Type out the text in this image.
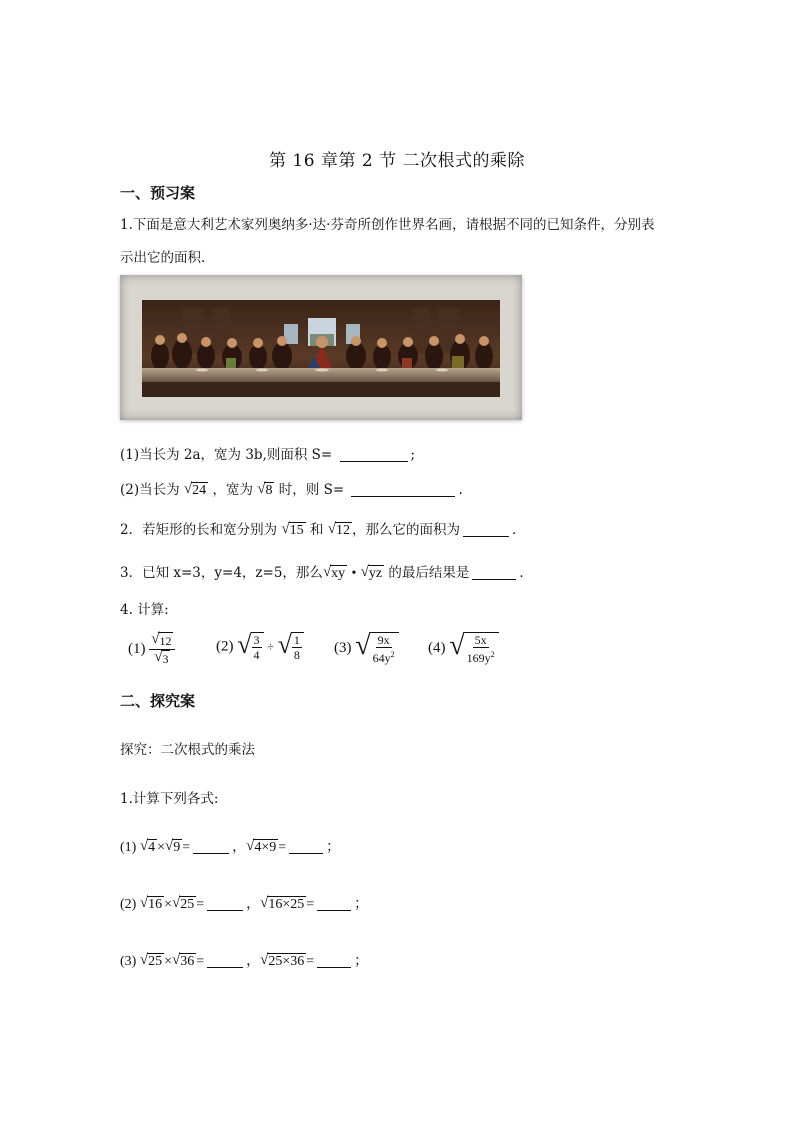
第 16 章第 2 节 二次根式的乘除
一、预习案
1.下面是意大利艺术家列奥纳多·达·芬奇所创作世界名画，请根据不同的已知条件，分别表
示出它的面积.
(1)当长为 2a，宽为 3b,则面积 S=	;
(2)当长为 √ 24 ，宽为 √ 8 时，则 S=	.
2．若矩形的长和宽分别为 √ 15 和 √ 12 ，那么它的面积为	．
3．已知 x=3，y=4，z=5，那么 √ xy • √ yz 的最后结果是	．
4. 计算:
$(1) \frac{√ 12}{√ 3}$	(2) √ $\frac{3}{4}$ ÷ √ $\frac{1}{8} (3)$ √ $\frac{9x}{64y^2} (4)$ √ $\frac{5x}{169y^2}$
二、探究案
探究：二次根式的乘法
1.计算下列各式:
(1) √ 4 × √ 9 =	， √ 4×9 =	；
(2) √ 16 × √ 25 =	， √ 16×25 =	；
(3) √ 25 × √ 36 =	， √ 25×36 =	；
